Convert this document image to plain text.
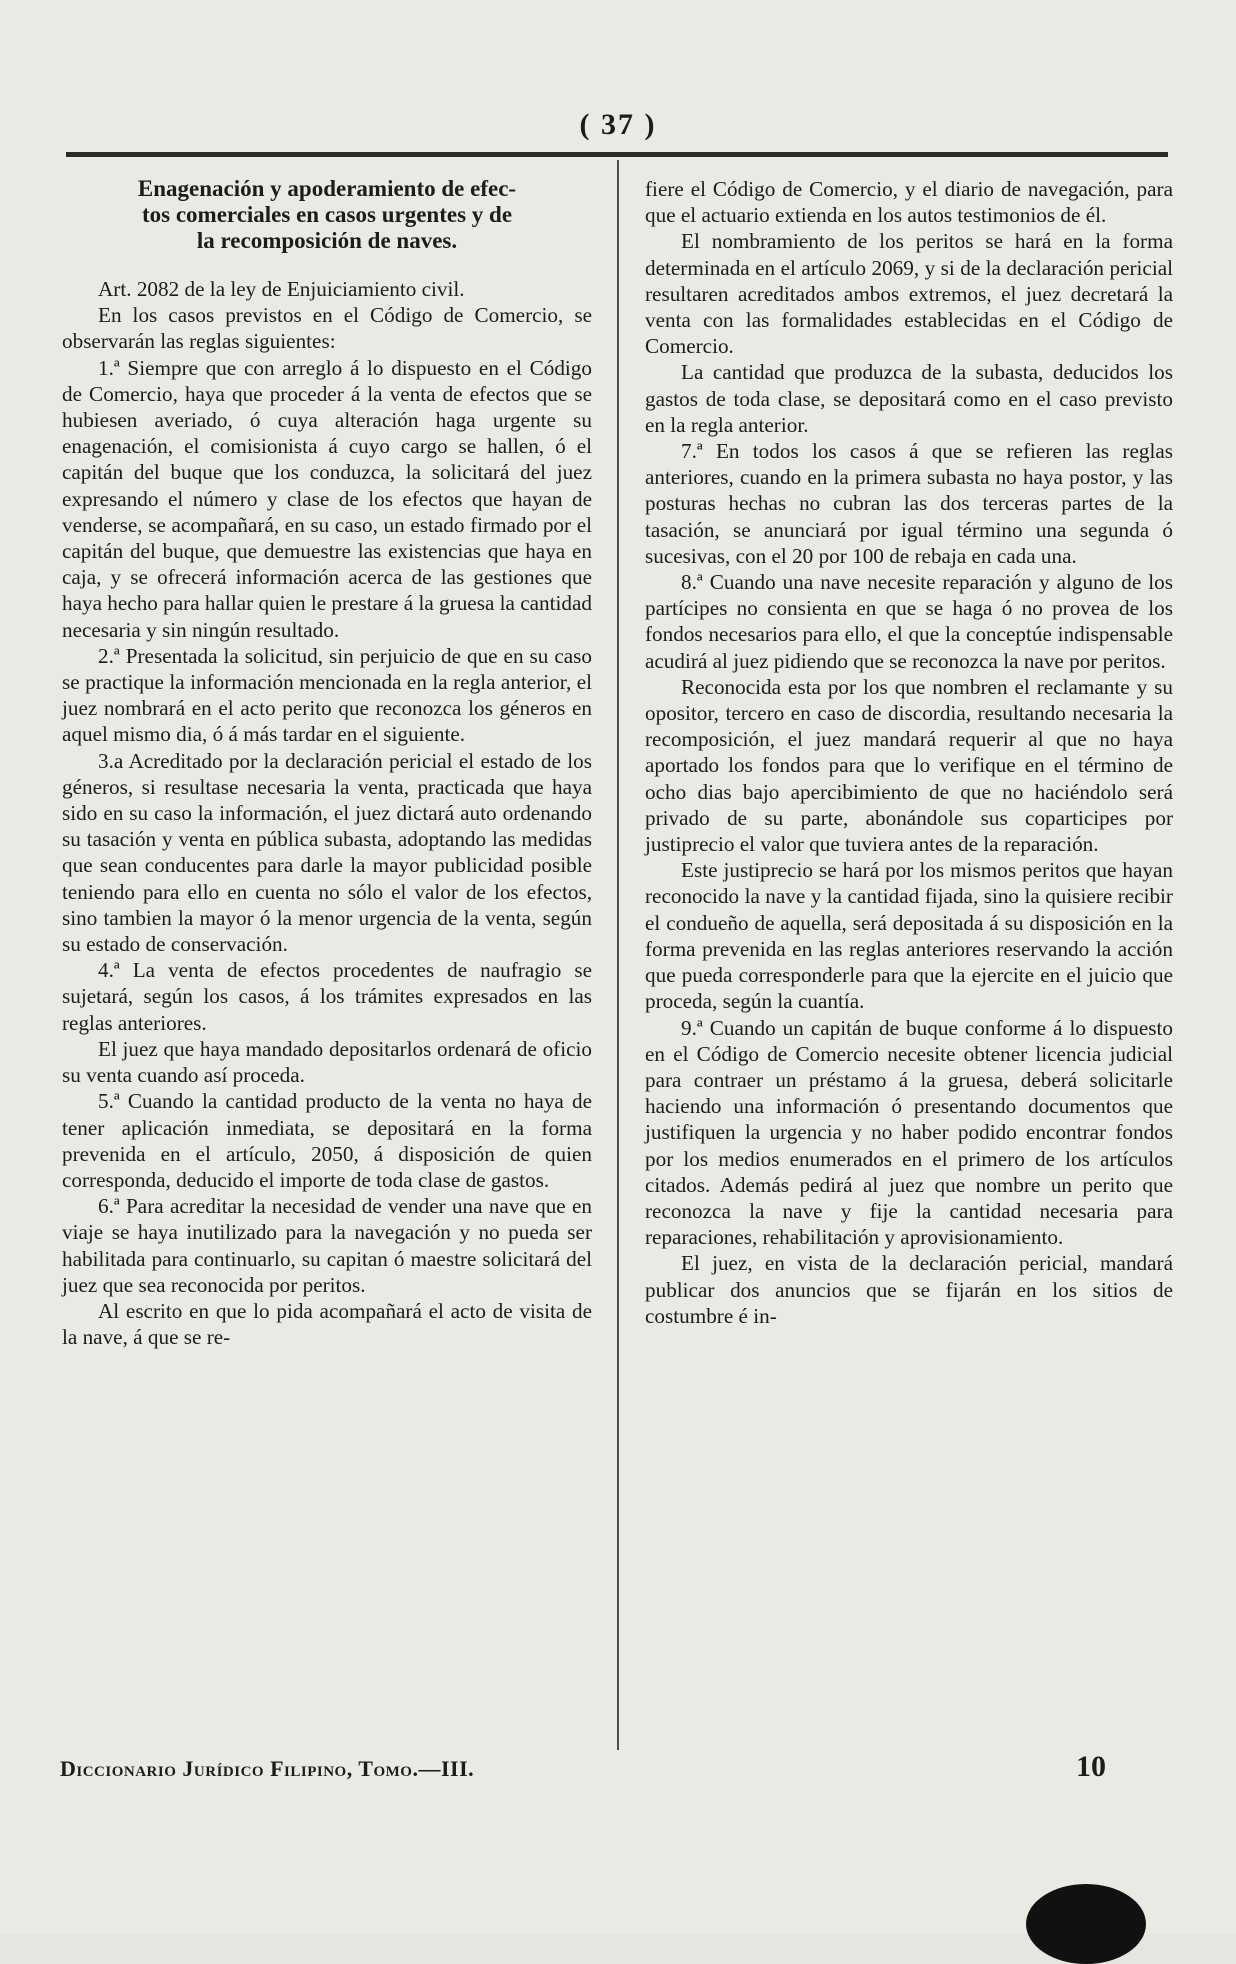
( 37 )
Enagenación y apoderamiento de efec-
tos comerciales en casos urgentes y de
la recomposición de naves.

Art. 2082 de la ley de Enjuiciamiento civil.

En los casos previstos en el Código de Comercio, se observarán las reglas siguientes:

1.ª Siempre que con arreglo á lo dispuesto en el Código de Comercio, haya que proceder á la venta de efectos que se hubiesen averiado, ó cuya alteración haga urgente su enagenación, el comisionista á cuyo cargo se hallen, ó el capitán del buque que los conduzca, la solicitará del juez expresando el número y clase de los efectos que hayan de venderse, se acompañará, en su caso, un estado firmado por el capitán del buque, que demuestre las existencias que haya en caja, y se ofrecerá información acerca de las gestiones que haya hecho para hallar quien le prestare á la gruesa la cantidad necesaria y sin ningún resultado.

2.ª Presentada la solicitud, sin perjuicio de que en su caso se practique la información mencionada en la regla anterior, el juez nombrará en el acto perito que reconozca los géneros en aquel mismo dia, ó á más tardar en el siguiente.

3.a Acreditado por la declaración pericial el estado de los géneros, si resultase necesaria la venta, practicada que haya sido en su caso la información, el juez dictará auto ordenando su tasación y venta en pública subasta, adoptando las medidas que sean conducentes para darle la mayor publicidad posible teniendo para ello en cuenta no sólo el valor de los efectos, sino tambien la mayor ó la menor urgencia de la venta, según su estado de conservación.

4.ª La venta de efectos procedentes de naufragio se sujetará, según los casos, á los trámites expresados en las reglas anteriores.

El juez que haya mandado depositarlos ordenará de oficio su venta cuando así proceda.

5.ª Cuando la cantidad producto de la venta no haya de tener aplicación inmediata, se depositará en la forma prevenida en el artículo, 2050, á disposición de quien corresponda, deducido el importe de toda clase de gastos.

6.ª Para acreditar la necesidad de vender una nave que en viaje se haya inutilizado para la navegación y no pueda ser habilitada para continuarlo, su capitan ó maestre solicitará del juez que sea reconocida por peritos.

Al escrito en que lo pida acompañará el acto de visita de la nave, á que se re-

fiere el Código de Comercio, y el diario de navegación, para que el actuario extienda en los autos testimonios de él.

El nombramiento de los peritos se hará en la forma determinada en el artículo 2069, y si de la declaración pericial resultaren acreditados ambos extremos, el juez decretará la venta con las formalidades establecidas en el Código de Comercio.

La cantidad que produzca de la subasta, deducidos los gastos de toda clase, se depositará como en el caso previsto en la regla anterior.

7.ª En todos los casos á que se refieren las reglas anteriores, cuando en la primera subasta no haya postor, y las posturas hechas no cubran las dos terceras partes de la tasación, se anunciará por igual término una segunda ó sucesivas, con el 20 por 100 de rebaja en cada una.

8.ª Cuando una nave necesite reparación y alguno de los partícipes no consienta en que se haga ó no provea de los fondos necesarios para ello, el que la conceptúe indispensable acudirá al juez pidiendo que se reconozca la nave por peritos.

Reconocida esta por los que nombren el reclamante y su opositor, tercero en caso de discordia, resultando necesaria la recomposición, el juez mandará requerir al que no haya aportado los fondos para que lo verifique en el término de ocho dias bajo apercibimiento de que no haciéndolo será privado de su parte, abonándole sus coparticipes por justiprecio el valor que tuviera antes de la reparación.

Este justiprecio se hará por los mismos peritos que hayan reconocido la nave y la cantidad fijada, sino la quisiere recibir el condueño de aquella, será depositada á su disposición en la forma prevenida en las reglas anteriores reservando la acción que pueda corresponderle para que la ejercite en el juicio que proceda, según la cuantía.

9.ª Cuando un capitán de buque conforme á lo dispuesto en el Código de Comercio necesite obtener licencia judicial para contraer un préstamo á la gruesa, deberá solicitarle haciendo una información ó presentando documentos que justifiquen la urgencia y no haber podido encontrar fondos por los medios enumerados en el primero de los artículos citados. Además pedirá al juez que nombre un perito que reconozca la nave y fije la cantidad necesaria para reparaciones, rehabilitación y aprovisionamiento.

El juez, en vista de la declaración pericial, mandará publicar dos anuncios que se fijarán en los sitios de costumbre é in-

Diccionario Jurídico Filipino, Tomo.—III.	10
